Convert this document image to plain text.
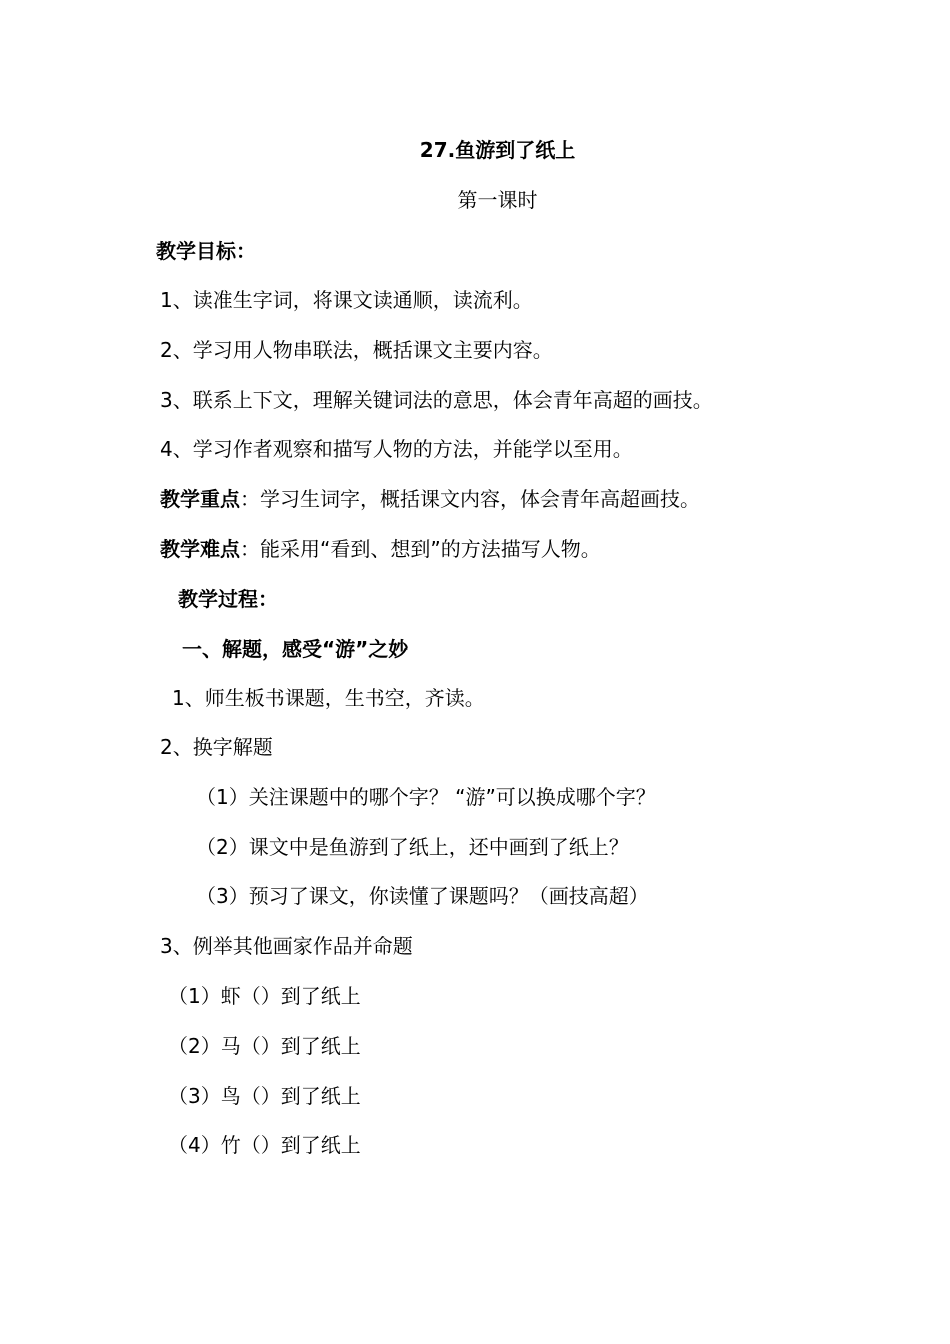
27.鱼游到了纸上
第一课时
教学目标：
1、读准生字词，将课文读通顺，读流利。
2、学习用人物串联法，概括课文主要内容。
3、联系上下文，理解关键词法的意思，体会青年高超的画技。
4、学习作者观察和描写人物的方法，并能学以至用。
教学重点：学习生词字，概括课文内容，体会青年高超画技。
教学难点：能采用“看到、想到”的方法描写人物。
教学过程：
一、解题，感受“游”之妙
1、师生板书课题，生书空，齐读。
2、换字解题
（1）关注课题中的哪个字？ “游”可以换成哪个字？
（2）课文中是鱼游到了纸上，还中画到了纸上？
（3）预习了课文，你读懂了课题吗？（画技高超）
3、例举其他画家作品并命题
（1）虾（）到了纸上
（2）马（）到了纸上
（3）鸟（）到了纸上
（4）竹（）到了纸上
